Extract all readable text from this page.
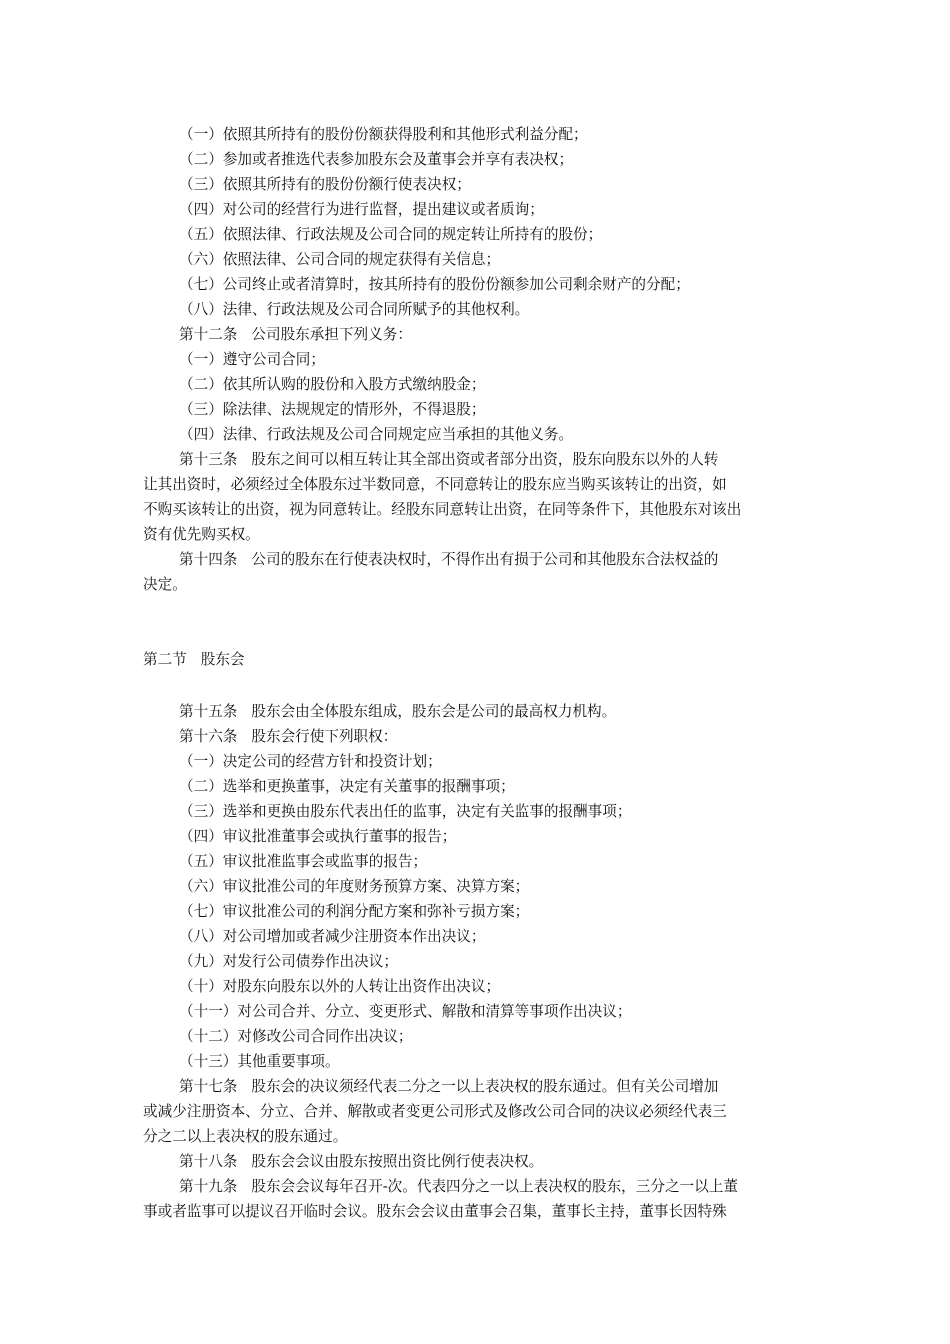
（一）依照其所持有的股份份额获得股利和其他形式利益分配；
（二）参加或者推选代表参加股东会及董事会并享有表决权；
（三）依照其所持有的股份份额行使表决权；
（四）对公司的经营行为进行监督，提出建议或者质询；
（五）依照法律、行政法规及公司合同的规定转让所持有的股份；
（六）依照法律、公司合同的规定获得有关信息；
（七）公司终止或者清算时，按其所持有的股份份额参加公司剩余财产的分配；
（八）法律、行政法规及公司合同所赋予的其他权利。
第十二条 公司股东承担下列义务：
（一）遵守公司合同；
（二）依其所认购的股份和入股方式缴纳股金；
（三）除法律、法规规定的情形外，不得退股；
（四）法律、行政法规及公司合同规定应当承担的其他义务。
第十三条 股东之间可以相互转让其全部出资或者部分出资，股东向股东以外的人转
让其出资时，必须经过全体股东过半数同意，不同意转让的股东应当购买该转让的出资，如
不购买该转让的出资，视为同意转让。经股东同意转让出资，在同等条件下，其他股东对该出
资有优先购买权。
第十四条 公司的股东在行使表决权时，不得作出有损于公司和其他股东合法权益的
决定。
第二节 股东会
第十五条 股东会由全体股东组成，股东会是公司的最高权力机构。
第十六条 股东会行使下列职权：
（一）决定公司的经营方针和投资计划；
（二）选举和更换董事，决定有关董事的报酬事项；
（三）选举和更换由股东代表出任的监事，决定有关监事的报酬事项；
（四）审议批准董事会或执行董事的报告；
（五）审议批准监事会或监事的报告；
（六）审议批准公司的年度财务预算方案、决算方案；
（七）审议批准公司的利润分配方案和弥补亏损方案；
（八）对公司增加或者减少注册资本作出决议；
（九）对发行公司债券作出决议；
（十）对股东向股东以外的人转让出资作出决议；
（十一）对公司合并、分立、变更形式、解散和清算等事项作出决议；
（十二）对修改公司合同作出决议；
（十三）其他重要事项。
第十七条 股东会的决议须经代表二分之一以上表决权的股东通过。但有关公司增加
或减少注册资本、分立、合并、解散或者变更公司形式及修改公司合同的决议必须经代表三
分之二以上表决权的股东通过。
第十八条 股东会会议由股东按照出资比例行使表决权。
第十九条 股东会会议每年召开-次。代表四分之一以上表决权的股东，三分之一以上董
事或者监事可以提议召开临时会议。股东会会议由董事会召集，董事长主持，董事长因特殊
